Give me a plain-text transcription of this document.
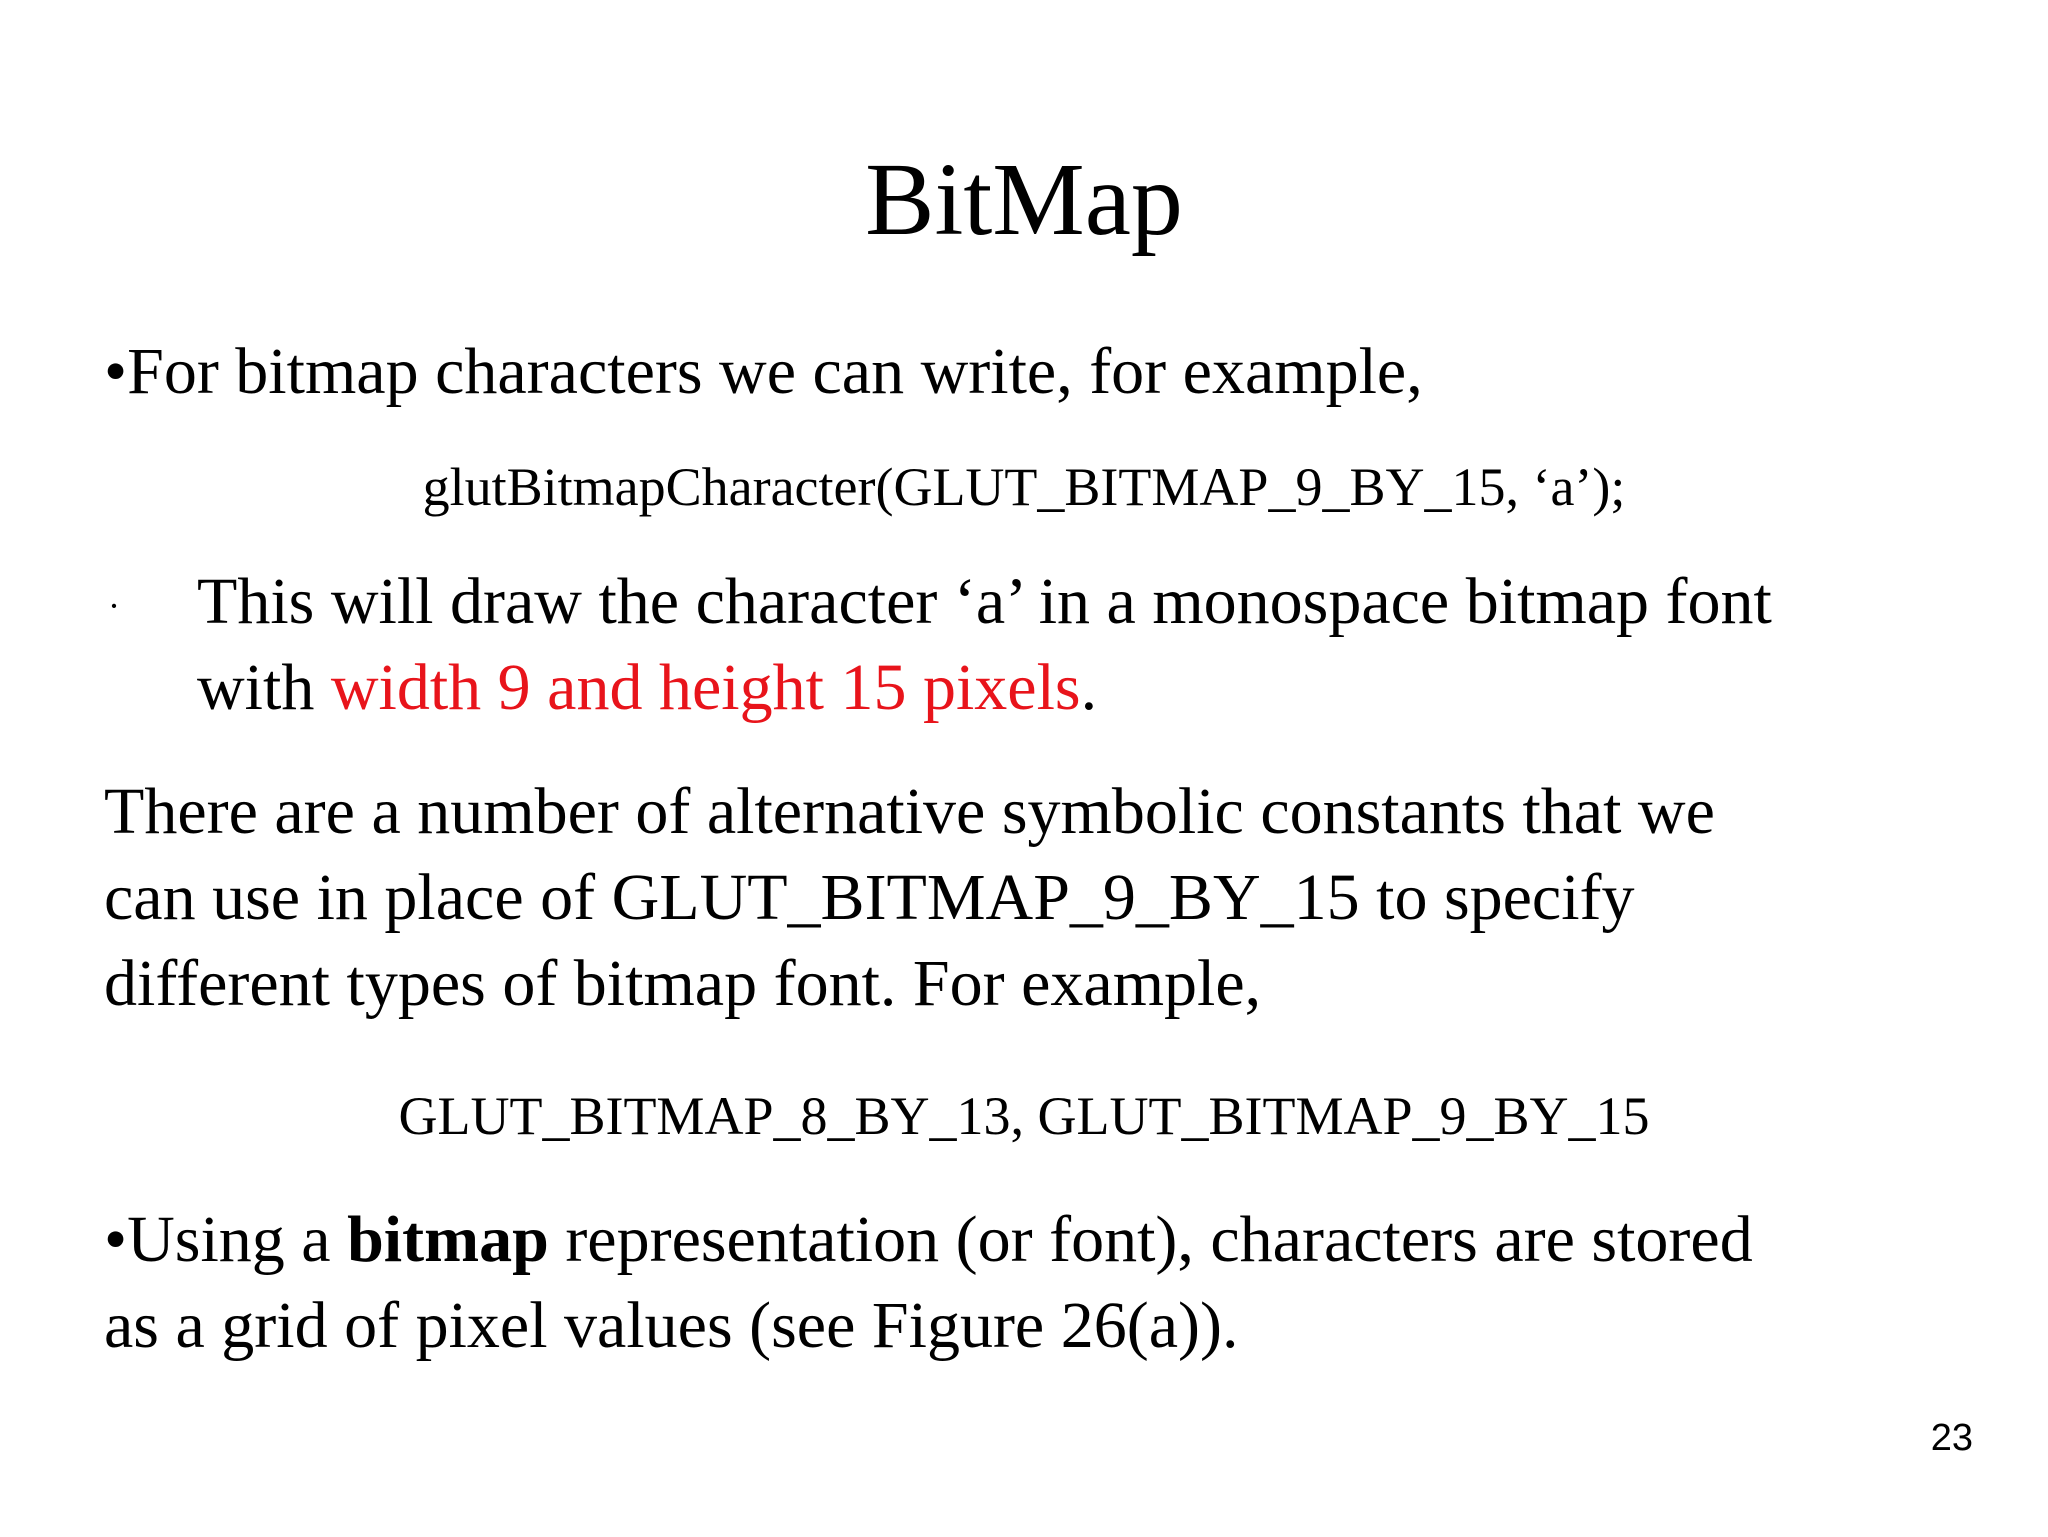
BitMap
•For bitmap characters we can write, for example,
glutBitmapCharacter(GLUT_BITMAP_9_BY_15, ‘a’);
· This will draw the character ‘a’ in a monospace bitmap font
with width 9 and height 15 pixels.
There are a number of alternative symbolic constants that we
can use in place of GLUT_BITMAP_9_BY_15 to specify
different types of bitmap font. For example,
GLUT_BITMAP_8_BY_13, GLUT_BITMAP_9_BY_15
•Using a bitmap representation (or font), characters are stored
as a grid of pixel values (see Figure 26(a)).
23
